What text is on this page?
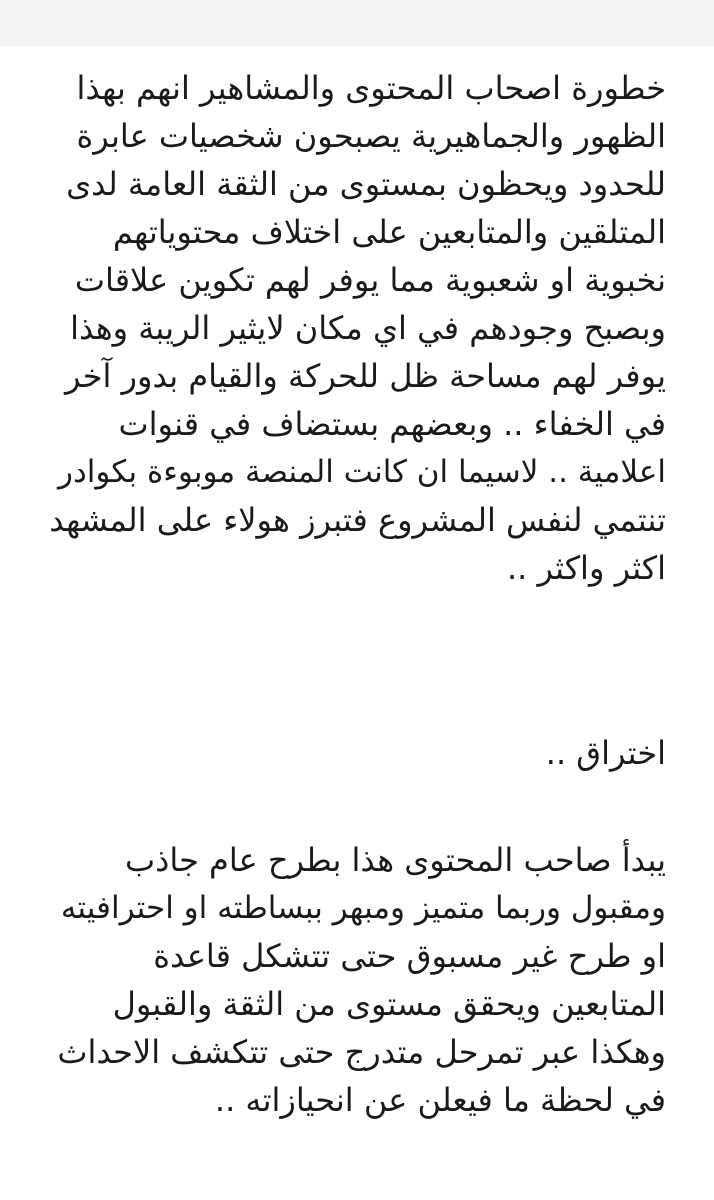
خطورة اصحاب المحتوى والمشاهير انهم بهذا
الظهور والجماهيرية يصبحون شخصيات عابرة
للحدود ويحظون بمستوى من الثقة العامة لدى
المتلقين والمتابعين على اختلاف محتوياتهم
نخبوية او شعبوية مما يوفر لهم تكوين علاقات
وبصبح وجودهم في اي مكان لايثير الريبة وهذا
يوفر لهم مساحة ظل للحركة والقيام بدور آخر
في الخفاء .. وبعضهم بستضاف في قنوات
اعلامية .. لاسيما ان كانت المنصة موبوءة بكوادر
تنتمي لنفس المشروع فتبرز هولاء على المشهد
اكثر واكثر ..
اختراق ..
يبدأ صاحب المحتوى هذا بطرح عام جاذب
ومقبول وربما متميز ومبهر ببساطته او احترافيته
او طرح غير مسبوق حتى تتشكل قاعدة
المتابعين ويحقق مستوى من الثقة والقبول
وهكذا عبر تمرحل متدرج حتى تتكشف الاحداث
في لحظة ما فيعلن عن انحيازاته ..
